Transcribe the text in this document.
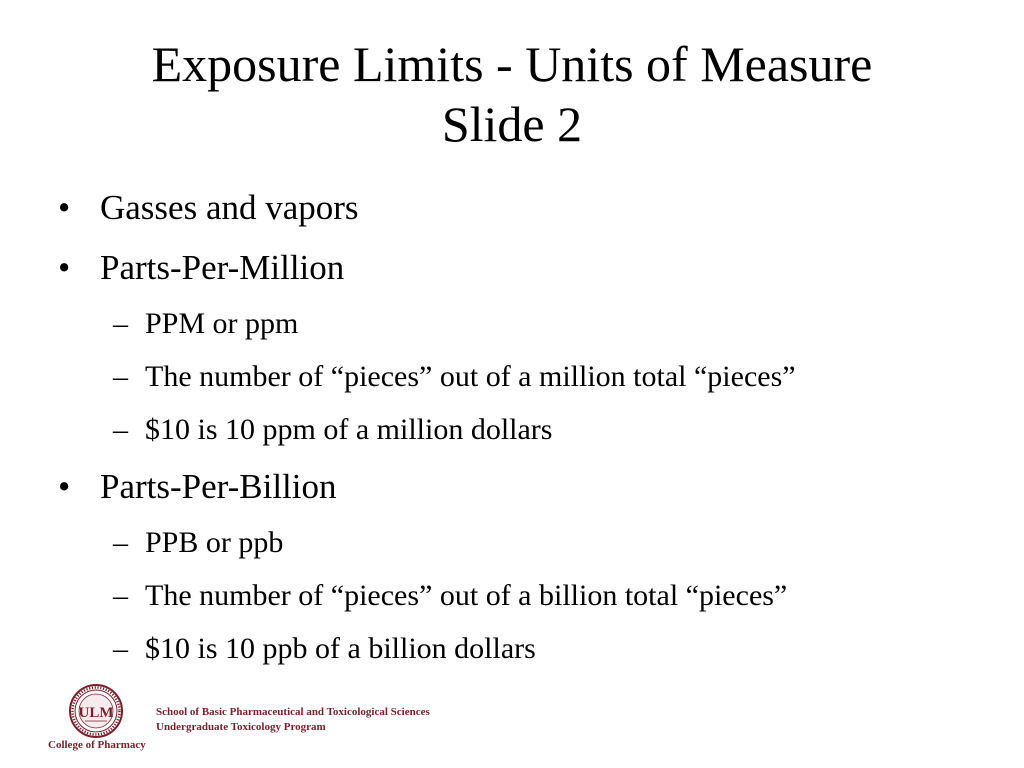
Exposure Limits - Units of Measure
Slide 2
• Gasses and vapors
• Parts-Per-Million
– PPM or ppm
– The number of “pieces” out of a million total “pieces”
– $10 is 10 ppm of a million dollars
• Parts-Per-Billion
– PPB or ppb
– The number of “pieces” out of a billion total “pieces”
– $10 is 10 ppb of a billion dollars
ULM
College of Pharmacy
School of Basic Pharmaceutical and Toxicological Sciences
Undergraduate Toxicology Program
